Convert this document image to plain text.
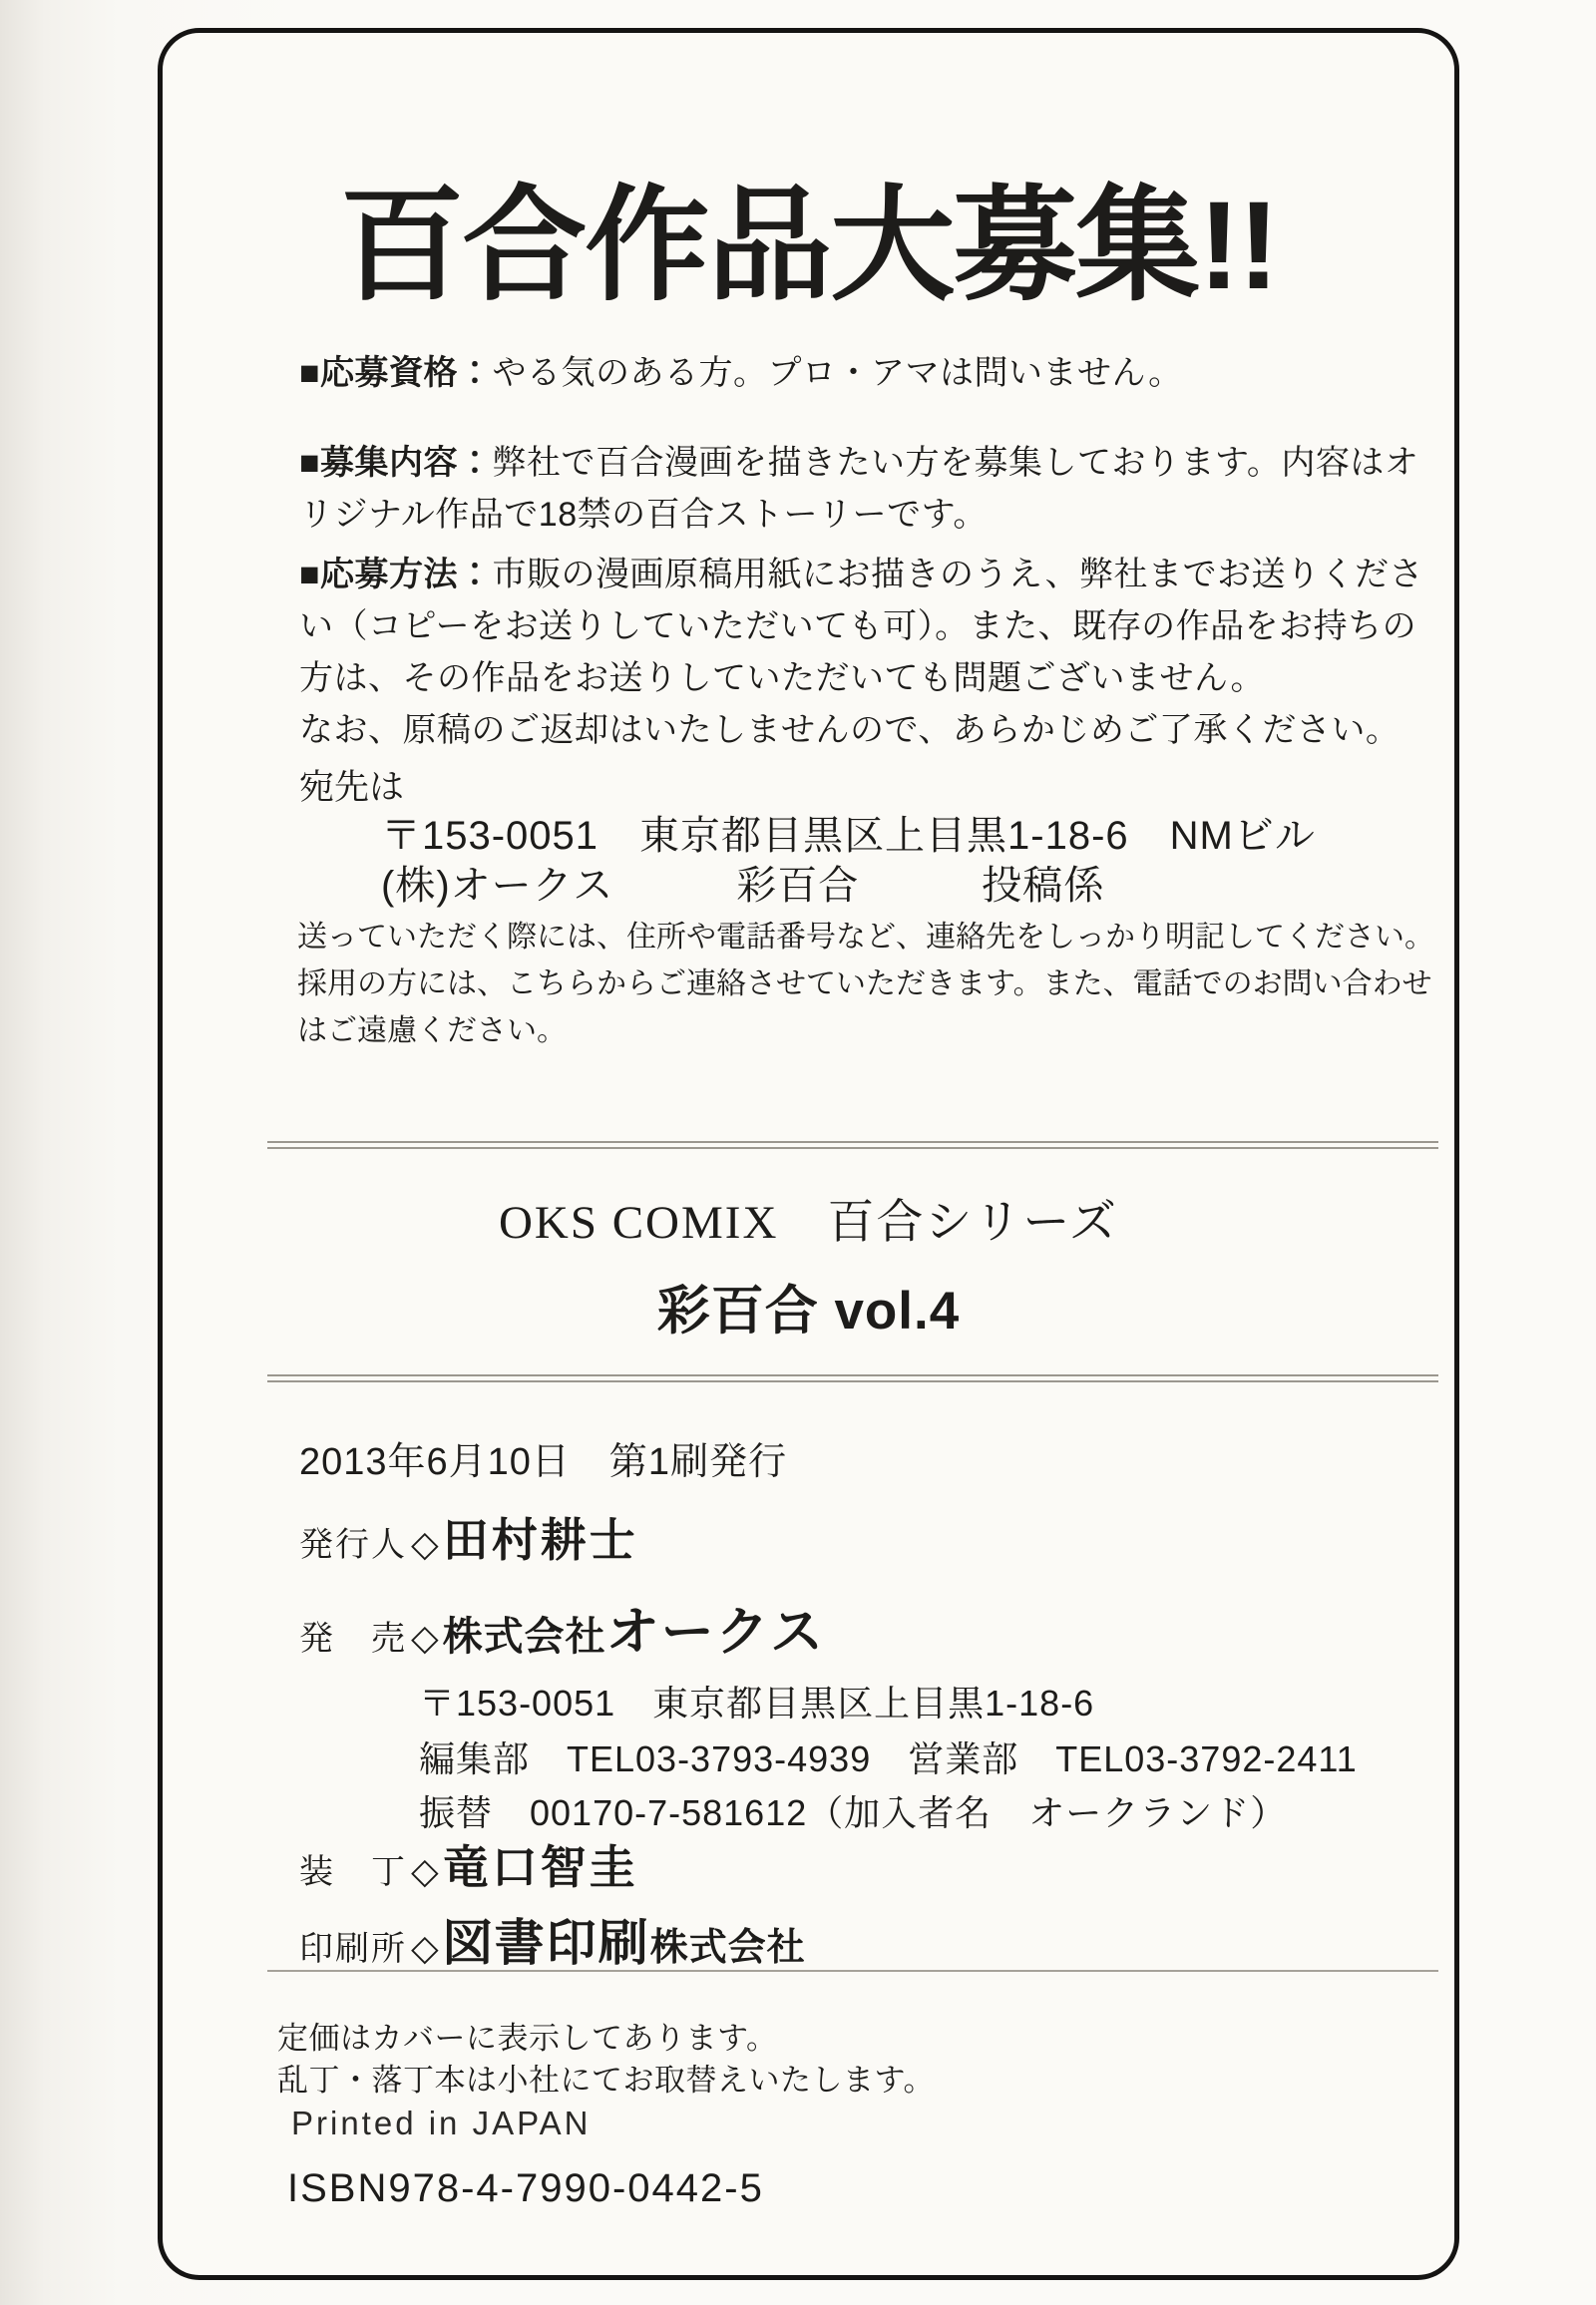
百合作品大募集!!
■応募資格：やる気のある方。プロ・アマは問いません。
■募集内容：弊社で百合漫画を描きたい方を募集しております。内容はオ
リジナル作品で18禁の百合ストーリーです。
■応募方法：市販の漫画原稿用紙にお描きのうえ、弊社までお送りくださ
い（コピーをお送りしていただいても可）。また、既存の作品をお持ちの
方は、その作品をお送りしていただいても問題ございません。
なお、原稿のご返却はいたしませんので、あらかじめご了承ください。
宛先は
〒153-0051　東京都目黒区上目黒1-18-6　NMビル
(株)オークス　　　彩百合　　　投稿係
送っていただく際には、住所や電話番号など、連絡先をしっかり明記してください。
採用の方には、こちらからご連絡させていただきます。また、電話でのお問い合わせ
はご遠慮ください。
OKS COMIX　百合シリーズ
彩百合 vol.4
2013年6月10日　第1刷発行
発行人 ◇ 田村耕士
発　売 ◇ 株式会社 オークス
〒153-0051　東京都目黒区上目黒1-18-6
編集部　TEL03-3793-4939　営業部　TEL03-3792-2411
振替　00170-7-581612（加入者名　オークランド）
装　丁 ◇ 竜口智圭
印刷所 ◇ 図書印刷 株式会社
定価はカバーに表示してあります。
乱丁・落丁本は小社にてお取替えいたします。
Printed in JAPAN
ISBN978-4-7990-0442-5
